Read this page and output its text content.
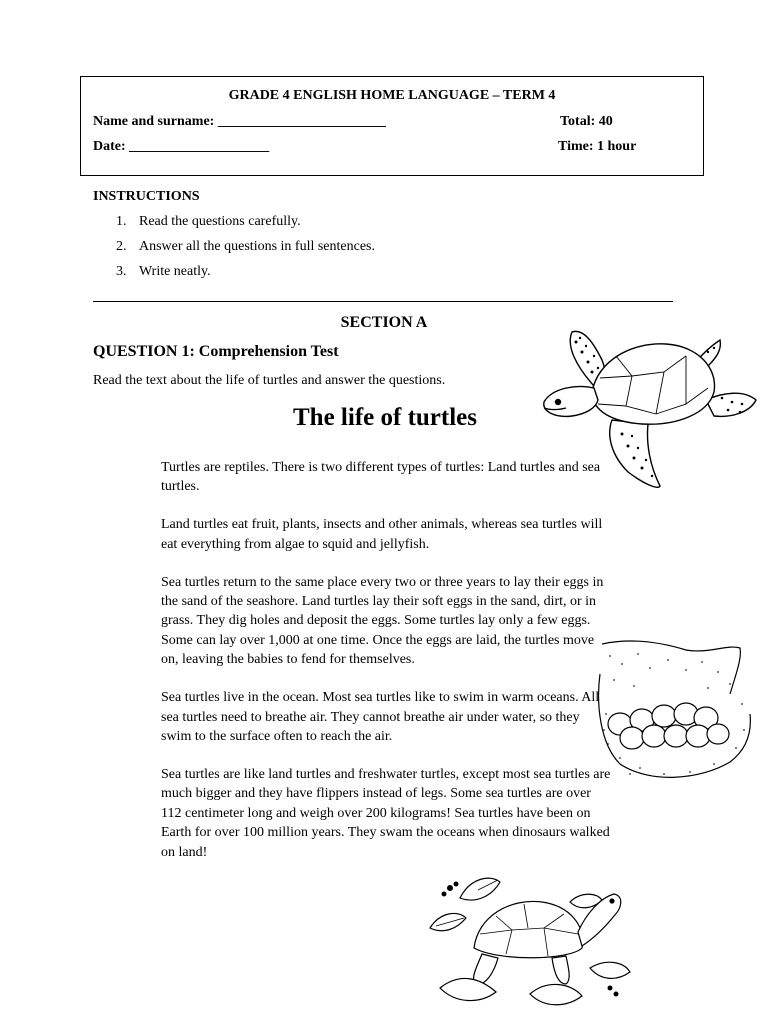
GRADE 4 ENGLISH HOME LANGUAGE – TERM 4
Name and surname: ________________________	Total: 40
Date: ____________________	Time: 1 hour
INSTRUCTIONS
1. Read the questions carefully.
2. Answer all the questions in full sentences.
3. Write neatly.
SECTION A
QUESTION 1: Comprehension Test
Read the text about the life of turtles and answer the questions.
The life of turtles

Turtles are reptiles. There is two different types of turtles: Land turtles and sea turtles.

Land turtles eat fruit, plants, insects and other animals, whereas sea turtles will eat everything from algae to squid and jellyfish.

Sea turtles return to the same place every two or three years to lay their eggs in the sand of the seashore. Land turtles lay their soft eggs in the sand, dirt, or in grass. They dig holes and deposit the eggs. Some turtles lay only a few eggs. Some can lay over 1,000 at one time. Once the eggs are laid, the turtles move on, leaving the babies to fend for themselves.

Sea turtles live in the ocean. Most sea turtles like to swim in warm oceans. All sea turtles need to breathe air. They cannot breathe air under water, so they swim to the surface often to reach the air.

Sea turtles are like land turtles and freshwater turtles, except most sea turtles are much bigger and they have flippers instead of legs. Some sea turtles are over 112 centimeter long and weigh over 200 kilograms! Sea turtles have been on Earth for over 100 million years. They swam the oceans when dinosaurs walked on land!
